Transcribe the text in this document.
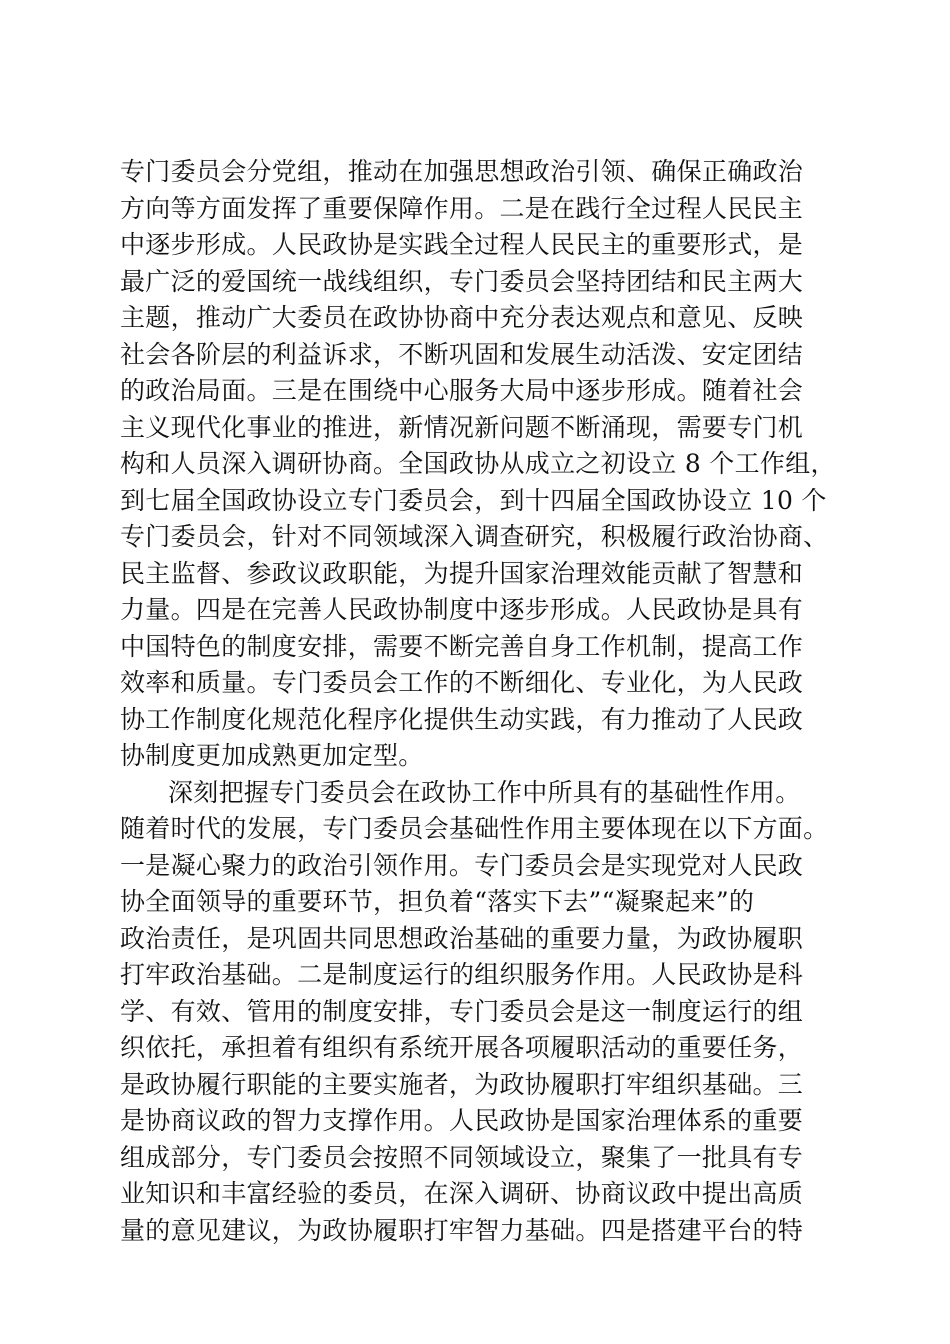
专门委员会分党组，推动在加强思想政治引领、确保正确政治
方向等方面发挥了重要保障作用。二是在践行全过程人民民主
中逐步形成。人民政协是实践全过程人民民主的重要形式，是
最广泛的爱国统一战线组织，专门委员会坚持团结和民主两大
主题，推动广大委员在政协协商中充分表达观点和意见、反映
社会各阶层的利益诉求，不断巩固和发展生动活泼、安定团结
的政治局面。三是在围绕中心服务大局中逐步形成。随着社会
主义现代化事业的推进，新情况新问题不断涌现，需要专门机
构和人员深入调研协商。全国政协从成立之初设立 8 个工作组，
到七届全国政协设立专门委员会，到十四届全国政协设立 10 个
专门委员会，针对不同领域深入调查研究，积极履行政治协商、
民主监督、参政议政职能，为提升国家治理效能贡献了智慧和
力量。四是在完善人民政协制度中逐步形成。人民政协是具有
中国特色的制度安排，需要不断完善自身工作机制，提高工作
效率和质量。专门委员会工作的不断细化、专业化，为人民政
协工作制度化规范化程序化提供生动实践，有力推动了人民政
协制度更加成熟更加定型。
深刻把握专门委员会在政协工作中所具有的基础性作用。
随着时代的发展，专门委员会基础性作用主要体现在以下方面。
一是凝心聚力的政治引领作用。专门委员会是实现党对人民政
协全面领导的重要环节，担负着“落实下去”“凝聚起来”的
政治责任，是巩固共同思想政治基础的重要力量，为政协履职
打牢政治基础。二是制度运行的组织服务作用。人民政协是科
学、有效、管用的制度安排，专门委员会是这一制度运行的组
织依托，承担着有组织有系统开展各项履职活动的重要任务，
是政协履行职能的主要实施者，为政协履职打牢组织基础。三
是协商议政的智力支撑作用。人民政协是国家治理体系的重要
组成部分，专门委员会按照不同领域设立，聚集了一批具有专
业知识和丰富经验的委员，在深入调研、协商议政中提出高质
量的意见建议，为政协履职打牢智力基础。四是搭建平台的特
